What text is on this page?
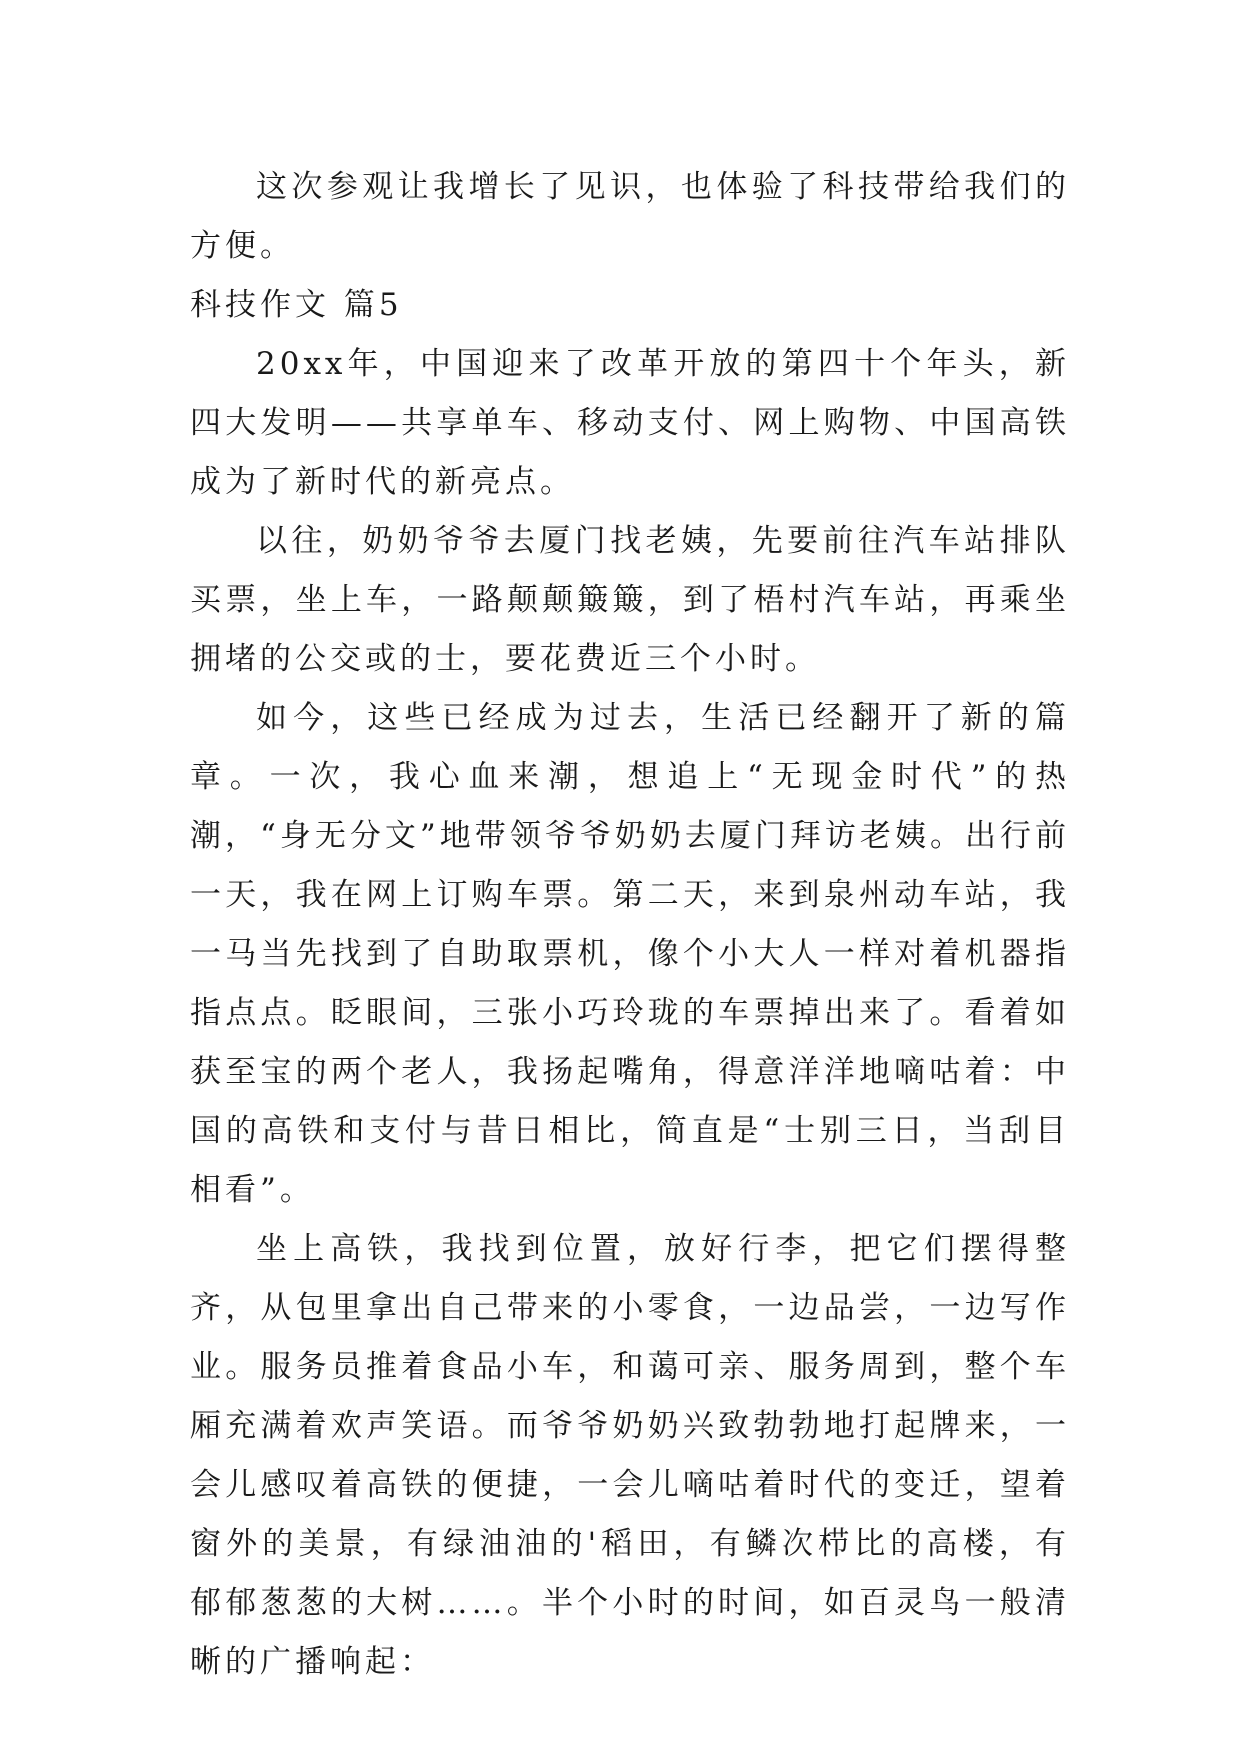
这次参观让我增长了见识，也体验了科技带给我们的方便。

科技作文 篇5

20xx年，中国迎来了改革开放的第四十个年头，新四大发明——共享单车、移动支付、网上购物、中国高铁成为了新时代的新亮点。

以往，奶奶爷爷去厦门找老姨，先要前往汽车站排队买票，坐上车，一路颠颠簸簸，到了梧村汽车站，再乘坐拥堵的公交或的士，要花费近三个小时。

如今，这些已经成为过去，生活已经翻开了新的篇章。一次，我心血来潮，想追上“无现金时代”的热潮，“身无分文”地带领爷爷奶奶去厦门拜访老姨。出行前一天，我在网上订购车票。第二天，来到泉州动车站，我一马当先找到了自助取票机，像个小大人一样对着机器指指点点。眨眼间，三张小巧玲珑的车票掉出来了。看着如获至宝的两个老人，我扬起嘴角，得意洋洋地嘀咕着：中国的高铁和支付与昔日相比，简直是“士别三日，当刮目相看”。

坐上高铁，我找到位置，放好行李，把它们摆得整齐，从包里拿出自己带来的小零食，一边品尝，一边写作业。服务员推着食品小车，和蔼可亲、服务周到，整个车厢充满着欢声笑语。而爷爷奶奶兴致勃勃地打起牌来，一会儿感叹着高铁的便捷，一会儿嘀咕着时代的变迁，望着窗外的美景，有绿油油的'稻田，有鳞次栉比的高楼，有郁郁葱葱的大树……。半个小时的时间，如百灵鸟一般清晰的广播响起：
